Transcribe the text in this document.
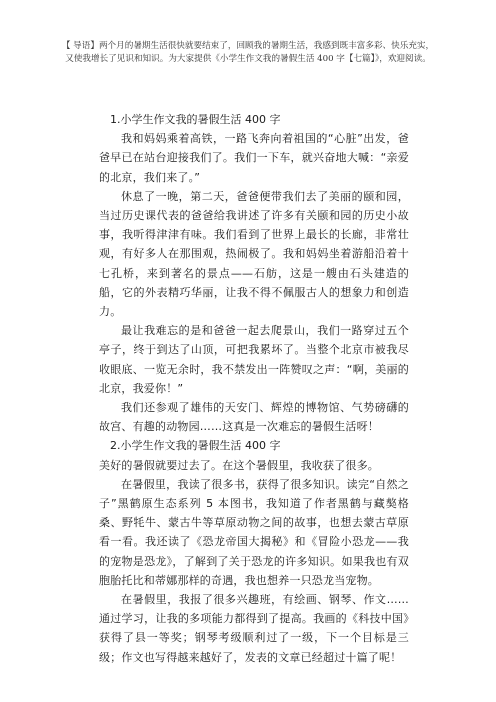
【 导语】两个月的暑期生活很快就要结束了，回顾我的暑期生活，我感到既丰富多彩、快乐充实，又使我增长了见识和知识。为大家提供《小学生作文我的暑假生活 400 字【七篇】》，欢迎阅读。

1.小学生作文我的暑假生活 400 字

我和妈妈乘着高铁，一路飞奔向着祖国的“心脏”出发，爸爸早已在站台迎接我们了。我们一下车，就兴奋地大喊：“亲爱的北京，我们来了。”

休息了一晚，第二天，爸爸便带我们去了美丽的颐和园，当过历史课代表的爸爸给我讲述了许多有关颐和园的历史小故事，我听得津津有味。我们看到了世界上最长的长廊，非常壮观，有好多人在那围观，热闹极了。我和妈妈坐着游船沿着十七孔桥，来到著名的景点——石舫，这是一艘由石头建造的船，它的外表精巧华丽，让我不得不佩服古人的想象力和创造力。

最让我难忘的是和爸爸一起去爬景山，我们一路穿过五个亭子，终于到达了山顶，可把我累坏了。当整个北京市被我尽收眼底、一览无余时，我不禁发出一阵赞叹之声：“啊，美丽的北京，我爱你！”

我们还参观了雄伟的天安门、辉煌的博物馆、气势磅礴的故宫、有趣的动物园……这真是一次难忘的暑假生活呀！

2.小学生作文我的暑假生活 400 字

美好的暑假就要过去了。在这个暑假里，我收获了很多。

在暑假里，我读了很多书，获得了很多知识。读完“自然之子”黑鹤原生态系列 5 本图书，我知道了作者黑鹤与藏獒格桑、野牦牛、蒙古牛等草原动物之间的故事，也想去蒙古草原看一看。我还读了《恐龙帝国大揭秘》和《冒险小恐龙——我的宠物是恐龙》，了解到了关于恐龙的许多知识。如果我也有双胞胎托比和蒂娜那样的奇遇，我也想养一只恐龙当宠物。

在暑假里，我报了很多兴趣班，有绘画、钢琴、作文……通过学习，让我的多项能力都得到了提高。我画的《科技中国》获得了县一等奖；钢琴考级顺利过了一级，下一个目标是三级；作文也写得越来越好了，发表的文章已经超过十篇了呢！
